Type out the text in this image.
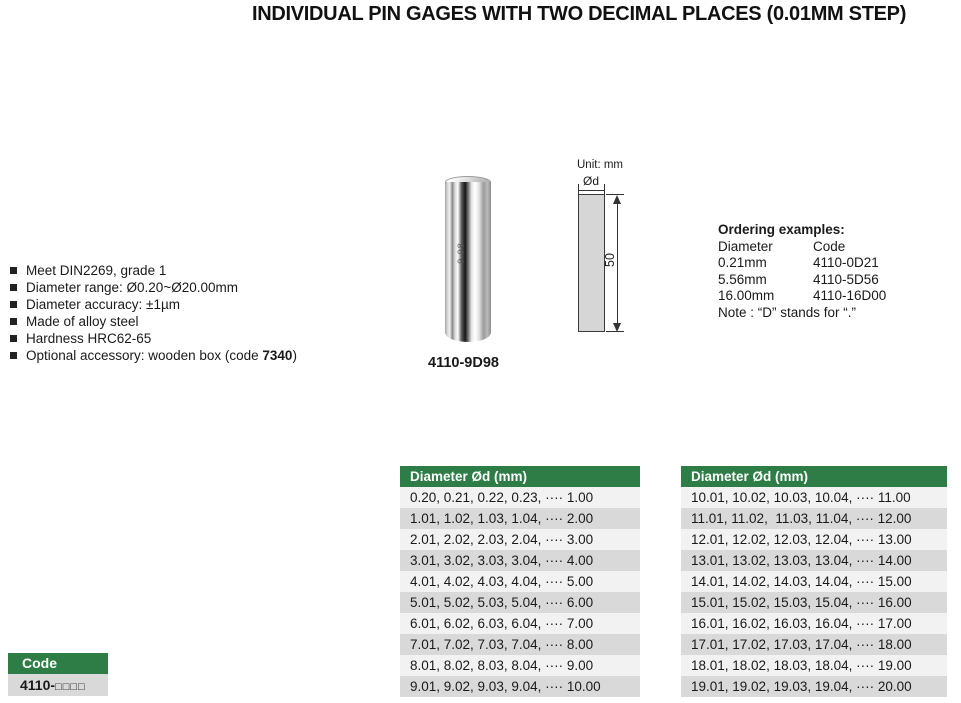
INDIVIDUAL PIN GAGES WITH TWO DECIMAL PLACES (0.01MM STEP)
Meet DIN2269, grade 1
Diameter range: Ø0.20~Ø20.00mm
Diameter accuracy: ±1µm
Made of alloy steel
Hardness HRC62-65
Optional accessory: wooden box (code 7340)
9.98
4110-9D98
Unit: mm
Ød
50
Ordering examples:
Diameter	Code
0.21mm	4110-0D21
5.56mm	4110-5D56
16.00mm	4110-16D00
Note : “D” stands for “.”
Diameter Ød (mm)
0.20, 0.21, 0.22, 0.23, ···· 1.00
1.01, 1.02, 1.03, 1.04, ···· 2.00
2.01, 2.02, 2.03, 2.04, ···· 3.00
3.01, 3.02, 3.03, 3.04, ···· 4.00
4.01, 4.02, 4.03, 4.04, ···· 5.00
5.01, 5.02, 5.03, 5.04, ···· 6.00
6.01, 6.02, 6.03, 6.04, ···· 7.00
7.01, 7.02, 7.03, 7.04, ···· 8.00
8.01, 8.02, 8.03, 8.04, ···· 9.00
9.01, 9.02, 9.03, 9.04, ···· 10.00
Diameter Ød (mm)
10.01, 10.02, 10.03, 10.04, ···· 11.00
11.01, 11.02,  11.03, 11.04, ···· 12.00
12.01, 12.02, 12.03, 12.04, ···· 13.00
13.01, 13.02, 13.03, 13.04, ···· 14.00
14.01, 14.02, 14.03, 14.04, ···· 15.00
15.01, 15.02, 15.03, 15.04, ···· 16.00
16.01, 16.02, 16.03, 16.04, ···· 17.00
17.01, 17.02, 17.03, 17.04, ···· 18.00
18.01, 18.02, 18.03, 18.04, ···· 19.00
19.01, 19.02, 19.03, 19.04, ···· 20.00
Code
4110-□□□□
